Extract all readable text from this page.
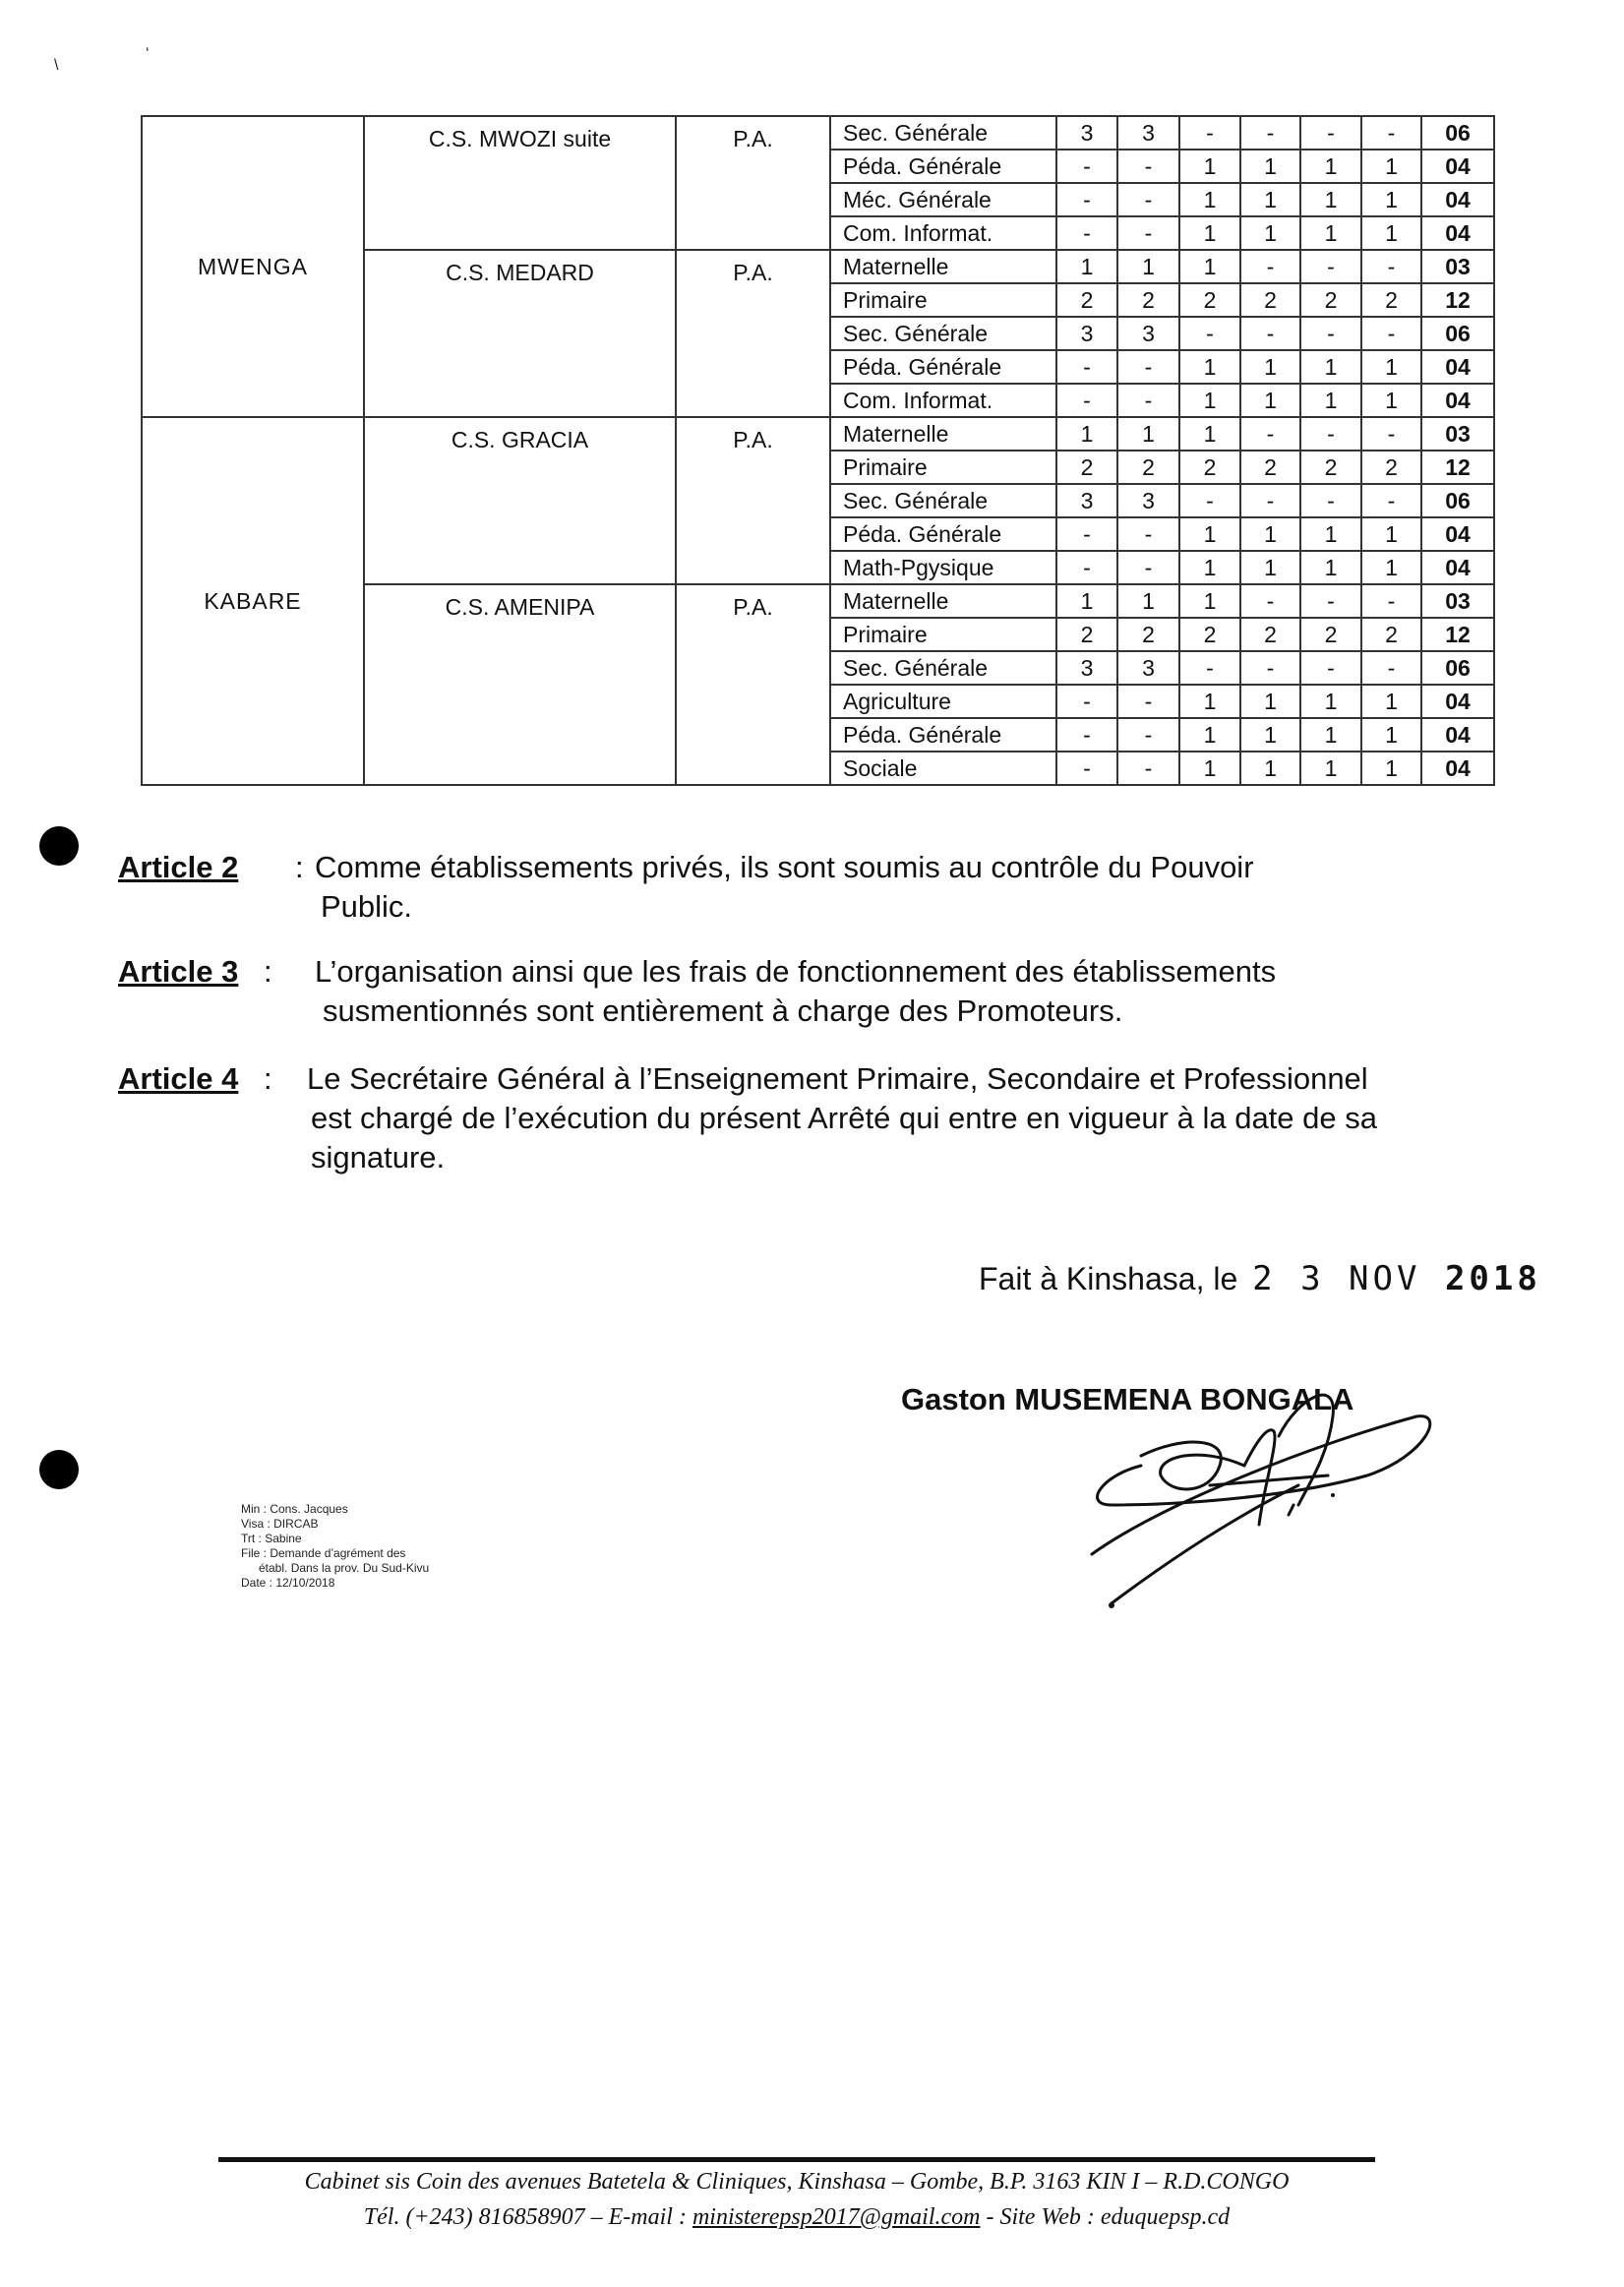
\
‘
MWENGA	C.S. MWOZI suite	P.A.	Sec. Générale	3	3	-	-	-	-	06
			Péda. Générale	-	-	1	1	1	1	04
			Méc. Générale	-	-	1	1	1	1	04
			Com. Informat.	-	-	1	1	1	1	04
	C.S. MEDARD	P.A.	Maternelle	1	1	1	-	-	-	03
			Primaire	2	2	2	2	2	2	12
			Sec. Générale	3	3	-	-	-	-	06
			Péda. Générale	-	-	1	1	1	1	04
			Com. Informat.	-	-	1	1	1	1	04
KABARE	C.S. GRACIA	P.A.	Maternelle	1	1	1	-	-	-	03
			Primaire	2	2	2	2	2	2	12
			Sec. Générale	3	3	-	-	-	-	06
			Péda. Générale	-	-	1	1	1	1	04
			Math-Pgysique	-	-	1	1	1	1	04
	C.S. AMENIPA	P.A.	Maternelle	1	1	1	-	-	-	03
			Primaire	2	2	2	2	2	2	12
			Sec. Générale	3	3	-	-	-	-	06
			Agriculture	-	-	1	1	1	1	04
			Péda. Générale	-	-	1	1	1	1	04
			Sociale	-	-	1	1	1	1	04
Article 2 : Comme établissements privés, ils sont soumis au contrôle du Pouvoir
Public.
Article 3 : L’organisation ainsi que les frais de fonctionnement des établissements
susmentionnés sont entièrement à charge des Promoteurs.
Article 4 : Le Secrétaire Général à l’Enseignement Primaire, Secondaire et Professionnel
est chargé de l’exécution du présent Arrêté qui entre en vigueur à la date de sa
signature.
Fait à Kinshasa, le 2 3 NOV 2018
Gaston MUSEMENA BONGALA
Min : Cons. Jacques
Visa : DIRCAB
Trt : Sabine
File : Demande d’agrément des
établ. Dans la prov. Du Sud-Kivu
Date : 12/10/2018
Cabinet sis Coin des avenues Batetela & Cliniques, Kinshasa – Gombe, B.P. 3163 KIN I – R.D.CONGO
Tél. (+243) 816858907 – E-mail : ministerepsp2017@gmail.com - Site Web : eduquepsp.cd
